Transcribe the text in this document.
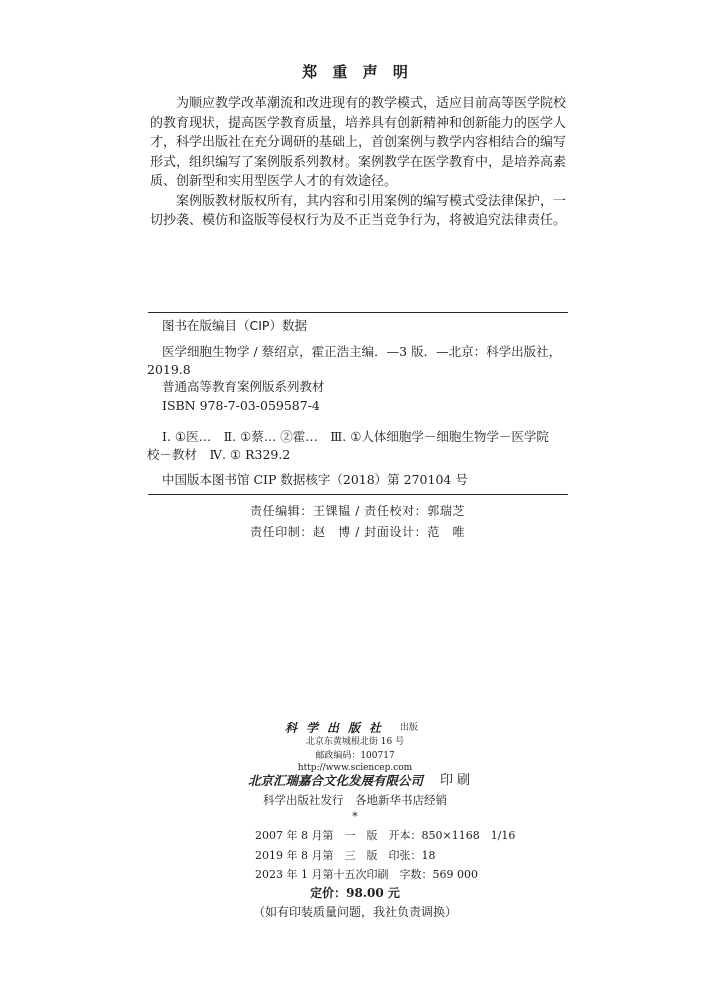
郑 重 声 明
为顺应教学改革潮流和改进现有的教学模式，适应目前高等医学院校
的教育现状，提高医学教育质量，培养具有创新精神和创新能力的医学人
才，科学出版社在充分调研的基础上，首创案例与教学内容相结合的编写
形式，组织编写了案例版系列教材。案例教学在医学教育中，是培养高素
质、创新型和实用型医学人才的有效途径。
案例版教材版权所有，其内容和引用案例的编写模式受法律保护，一
切抄袭、模仿和盗版等侵权行为及不正当竞争行为，将被追究法律责任。
图书在版编目（CIP）数据
医学细胞生物学 / 蔡绍京，霍正浩主编．—3 版．—北京：科学出版社，
2019.8
普通高等教育案例版系列教材
ISBN 978-7-03-059587-4
Ⅰ. ①医…　Ⅱ. ①蔡… ②霍…　Ⅲ. ①人体细胞学－细胞生物学－医学院
校－教材　Ⅳ. ① R329.2
中国版本图书馆 CIP 数据核字（2018）第 270104 号
责任编辑：王锞韫 / 责任校对：郭瑞芝
责任印制：赵　博 / 封面设计：范　唯
科学出版社 出版
北京东黄城根北街 16 号
邮政编码：100717
http://www.sciencep.com
北京汇瑞嘉合文化发展有限公司 印刷
科学出版社发行　各地新华书店经销
*
2007 年 8 月第　一　版　开本：850×1168　1/16
2019 年 8 月第　三　版　印张：18
2023 年 1 月第十五次印刷　字数：569 000
定价：98.00 元
（如有印装质量问题，我社负责调换）
